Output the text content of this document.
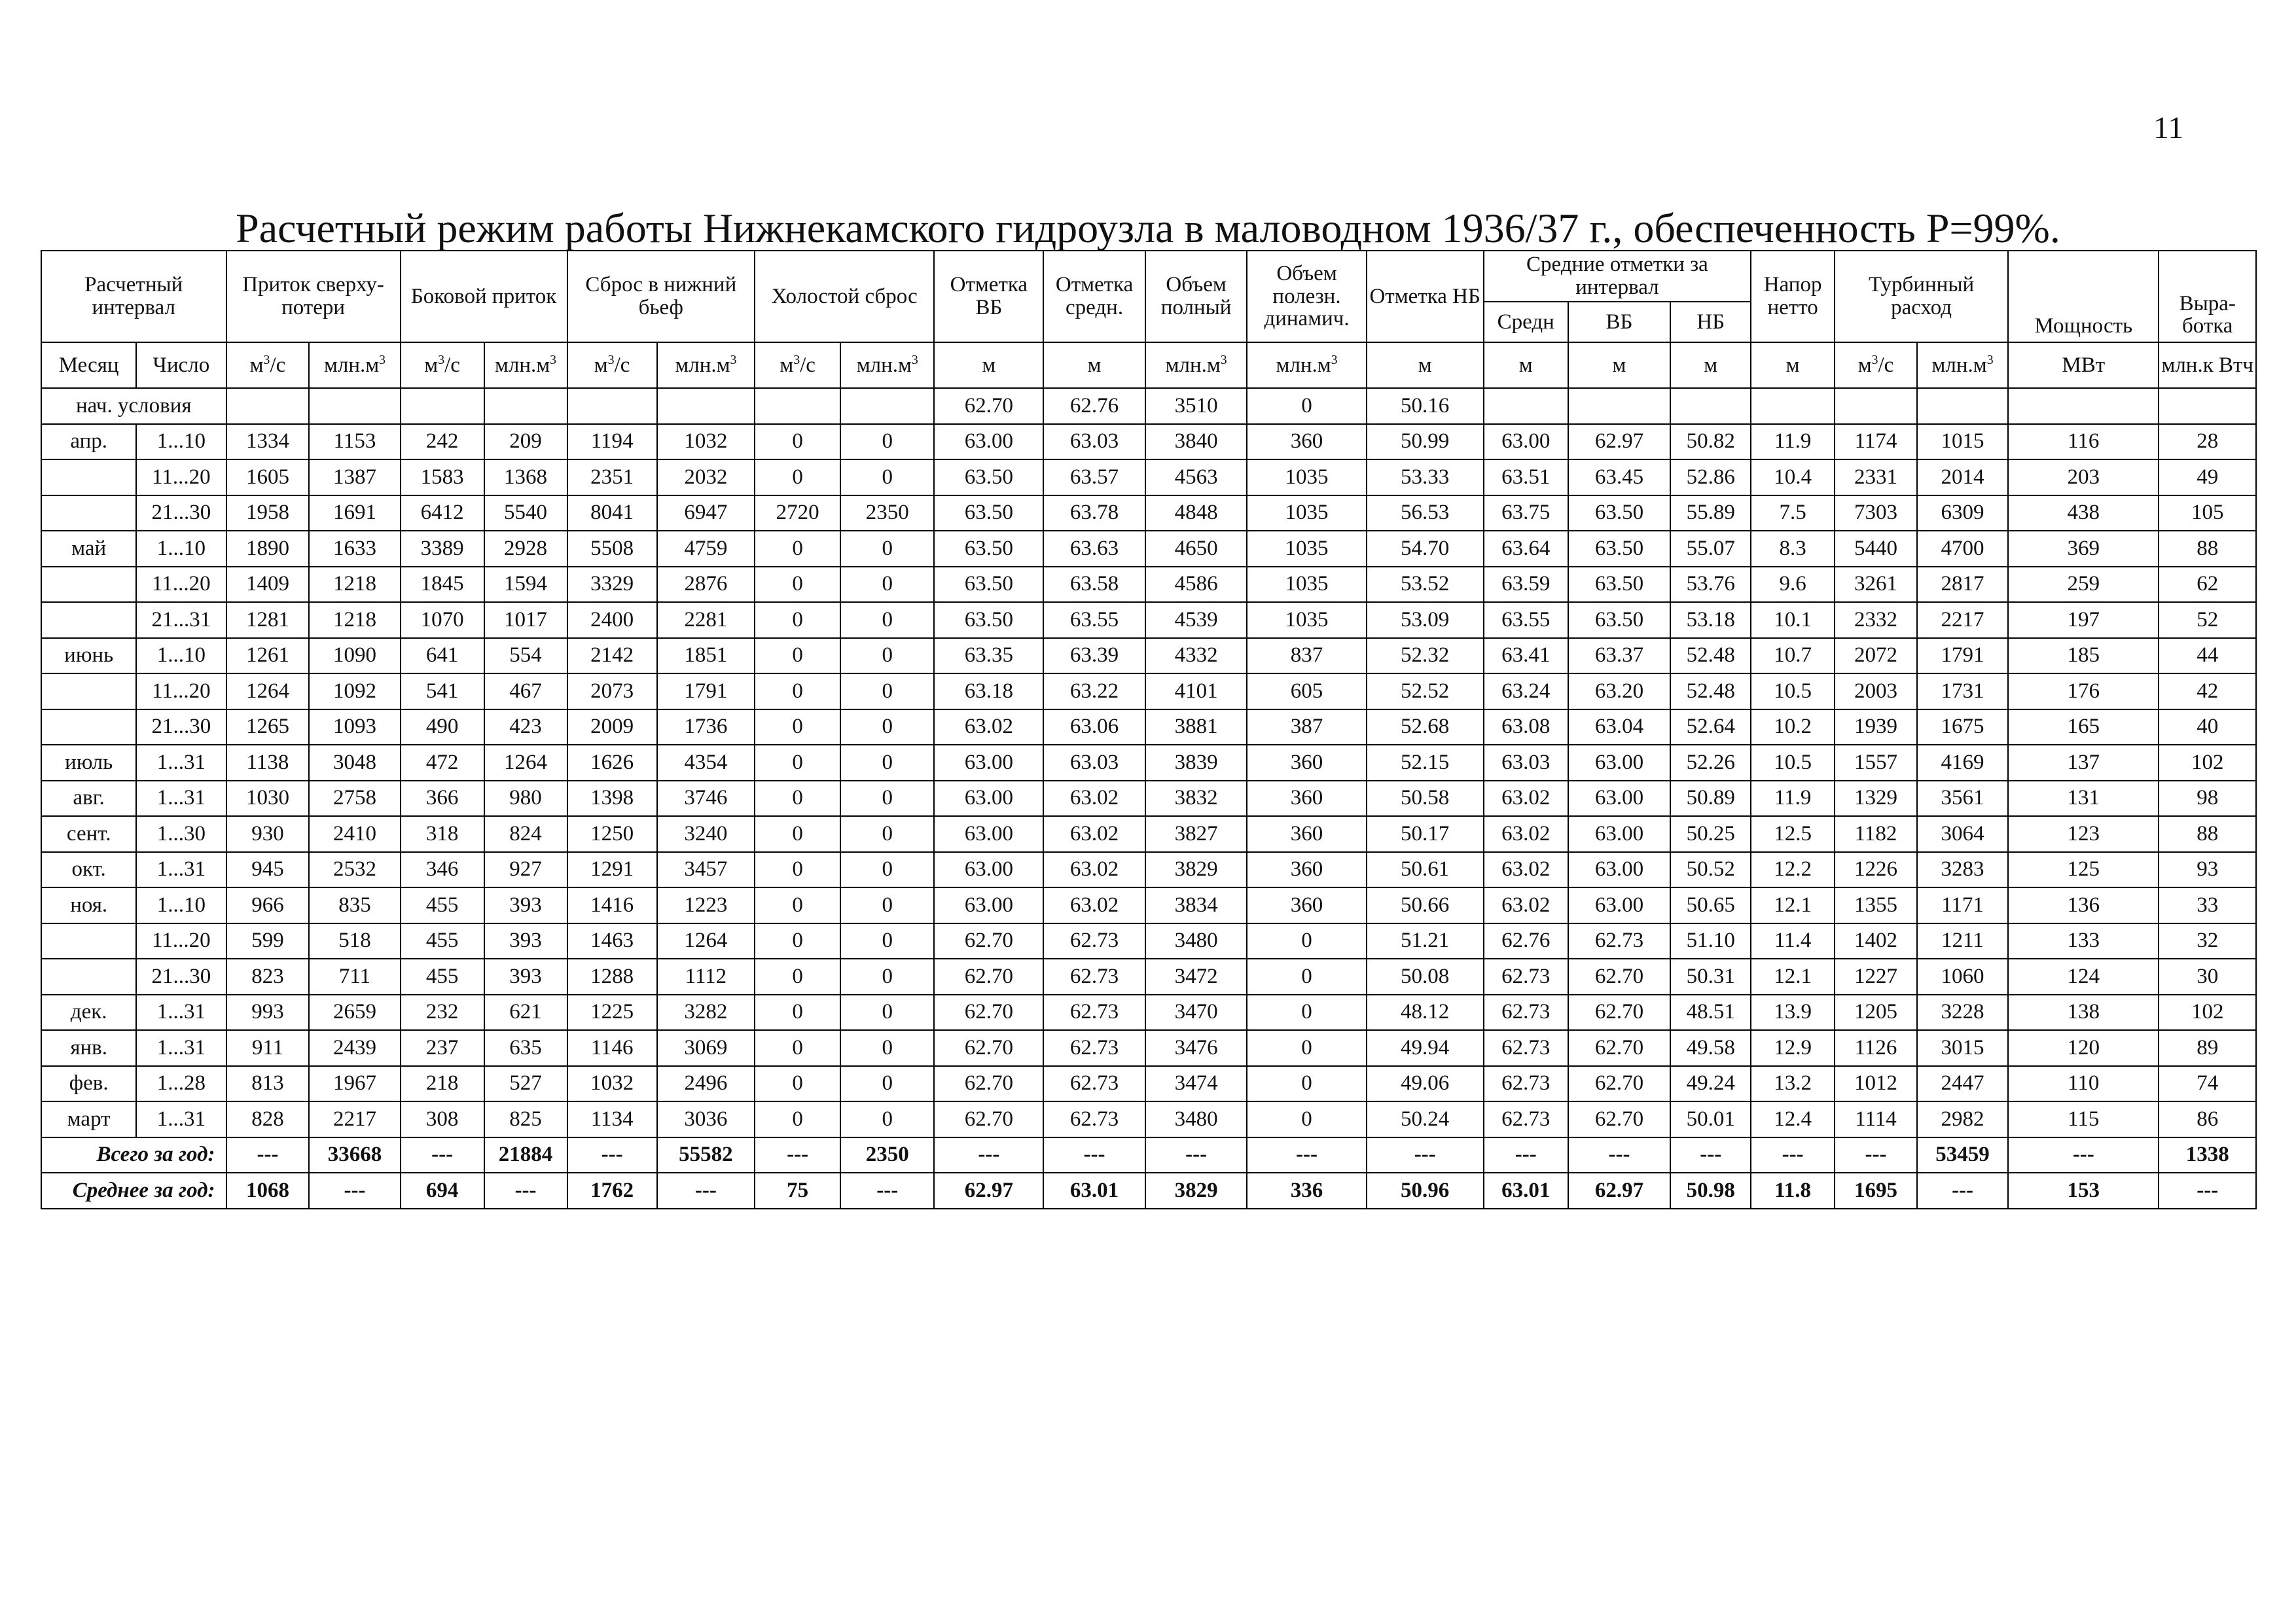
11
Расчетный режим работы Нижнекамского гидроузла в маловодном 1936/37 г., обеспеченность Р=99%.
Расчетный интервал		Приток сверху-потери		Боковой приток		Сброс в нижний бьеф		Холостой сброс		Отметка ВБ	Отметка средн.	Объем полный	Объем полезн. динамич.	Отметка НБ	Средние отметки за интервал			Напор нетто	Турбинный расход		Мощность	Выра-ботка
															Средн	ВБ	НБ					
Месяц	Число	$м^3/с$	$млн.м^3$	$м^3/с$	$млн.м^3$	$м^3/с$	$млн.м^3$	$м^3/с$	$млн.м^3$	м	м	$млн.м^3$	$млн.м^3$	м	м	м	м	м	$м^3/с$	$млн.м^3$	МВт	млн.к Втч
нач. условия										62.70	62.76	3510	0	50.16								
апр.	1...10	1334	1153	242	209	1194	1032	0	0	63.00	63.03	3840	360	50.99	63.00	62.97	50.82	11.9	1174	1015	116	28
	11...20	1605	1387	1583	1368	2351	2032	0	0	63.50	63.57	4563	1035	53.33	63.51	63.45	52.86	10.4	2331	2014	203	49
	21...30	1958	1691	6412	5540	8041	6947	2720	2350	63.50	63.78	4848	1035	56.53	63.75	63.50	55.89	7.5	7303	6309	438	105
май	1...10	1890	1633	3389	2928	5508	4759	0	0	63.50	63.63	4650	1035	54.70	63.64	63.50	55.07	8.3	5440	4700	369	88
	11...20	1409	1218	1845	1594	3329	2876	0	0	63.50	63.58	4586	1035	53.52	63.59	63.50	53.76	9.6	3261	2817	259	62
	21...31	1281	1218	1070	1017	2400	2281	0	0	63.50	63.55	4539	1035	53.09	63.55	63.50	53.18	10.1	2332	2217	197	52
июнь	1...10	1261	1090	641	554	2142	1851	0	0	63.35	63.39	4332	837	52.32	63.41	63.37	52.48	10.7	2072	1791	185	44
	11...20	1264	1092	541	467	2073	1791	0	0	63.18	63.22	4101	605	52.52	63.24	63.20	52.48	10.5	2003	1731	176	42
	21...30	1265	1093	490	423	2009	1736	0	0	63.02	63.06	3881	387	52.68	63.08	63.04	52.64	10.2	1939	1675	165	40
июль	1...31	1138	3048	472	1264	1626	4354	0	0	63.00	63.03	3839	360	52.15	63.03	63.00	52.26	10.5	1557	4169	137	102
авг.	1...31	1030	2758	366	980	1398	3746	0	0	63.00	63.02	3832	360	50.58	63.02	63.00	50.89	11.9	1329	3561	131	98
сент.	1...30	930	2410	318	824	1250	3240	0	0	63.00	63.02	3827	360	50.17	63.02	63.00	50.25	12.5	1182	3064	123	88
окт.	1...31	945	2532	346	927	1291	3457	0	0	63.00	63.02	3829	360	50.61	63.02	63.00	50.52	12.2	1226	3283	125	93
ноя.	1...10	966	835	455	393	1416	1223	0	0	63.00	63.02	3834	360	50.66	63.02	63.00	50.65	12.1	1355	1171	136	33
	11...20	599	518	455	393	1463	1264	0	0	62.70	62.73	3480	0	51.21	62.76	62.73	51.10	11.4	1402	1211	133	32
	21...30	823	711	455	393	1288	1112	0	0	62.70	62.73	3472	0	50.08	62.73	62.70	50.31	12.1	1227	1060	124	30
дек.	1...31	993	2659	232	621	1225	3282	0	0	62.70	62.73	3470	0	48.12	62.73	62.70	48.51	13.9	1205	3228	138	102
янв.	1...31	911	2439	237	635	1146	3069	0	0	62.70	62.73	3476	0	49.94	62.73	62.70	49.58	12.9	1126	3015	120	89
фев.	1...28	813	1967	218	527	1032	2496	0	0	62.70	62.73	3474	0	49.06	62.73	62.70	49.24	13.2	1012	2447	110	74
март	1...31	828	2217	308	825	1134	3036	0	0	62.70	62.73	3480	0	50.24	62.73	62.70	50.01	12.4	1114	2982	115	86
Всего за год:		---	33668	---	21884	---	55582	---	2350	---	---	---	---	---	---	---	---	---	---	53459	---	1338
Среднее за год:		1068	---	694	---	1762	---	75	---	62.97	63.01	3829	336	50.96	63.01	62.97	50.98	11.8	1695	---	153	---
